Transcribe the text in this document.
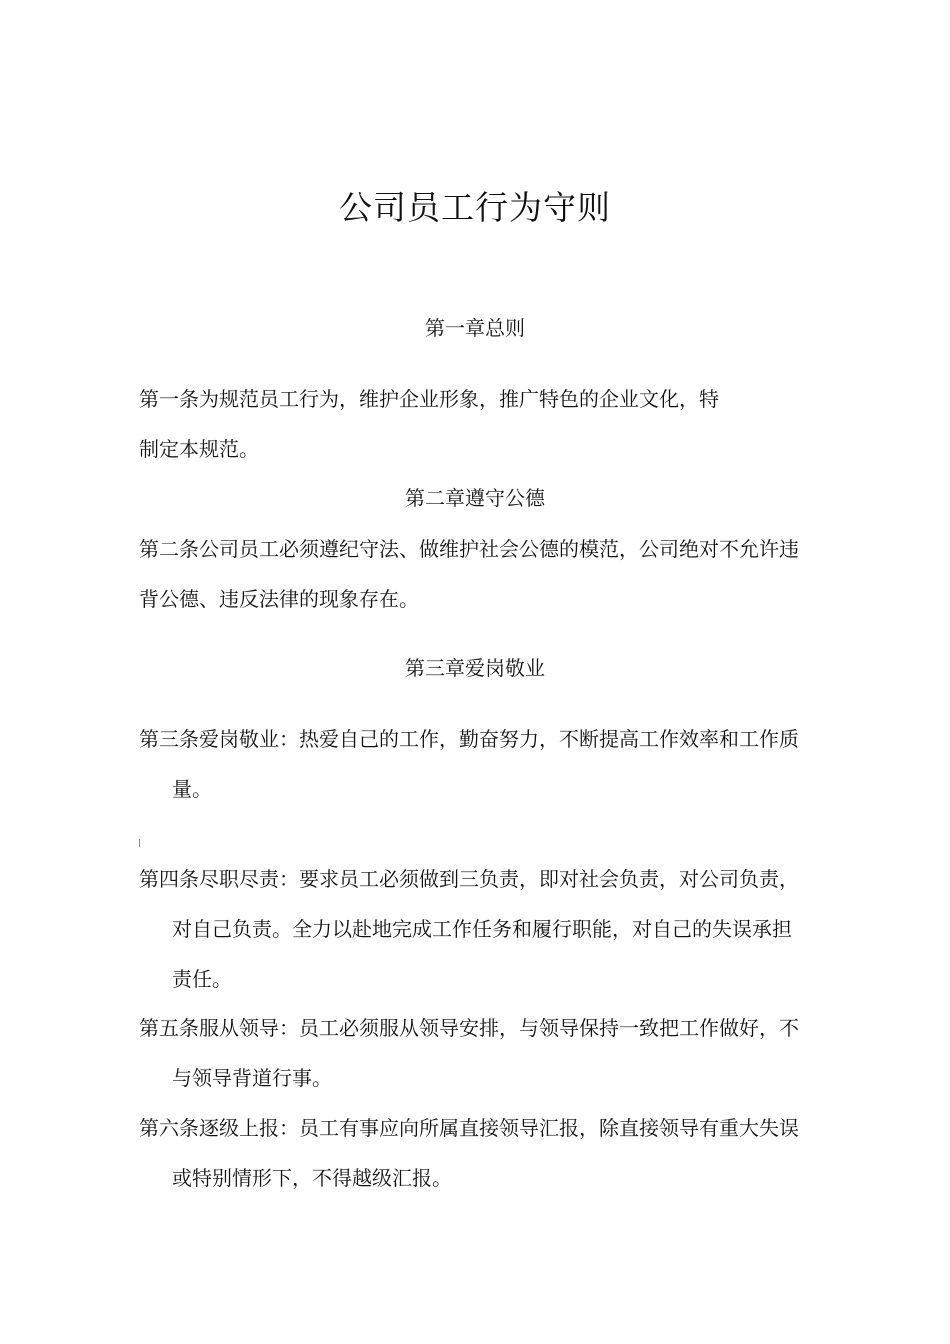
公司员工行为守则
第一章总则
第一条为规范员工行为，维护企业形象，推广特色的企业文化，特
制定本规范。
第二章遵守公德
第二条公司员工必须遵纪守法、做维护社会公德的模范，公司绝对不允许违
背公德、违反法律的现象存在。
第三章爱岗敬业
第三条爱岗敬业：热爱自己的工作，勤奋努力，不断提高工作效率和工作质
量。
第四条尽职尽责：要求员工必须做到三负责，即对社会负责，对公司负责，
对自己负责。全力以赴地完成工作任务和履行职能，对自己的失误承担
责任。
第五条服从领导：员工必须服从领导安排，与领导保持一致把工作做好，不
与领导背道行事。
第六条逐级上报：员工有事应向所属直接领导汇报，除直接领导有重大失误
或特别情形下，不得越级汇报。
